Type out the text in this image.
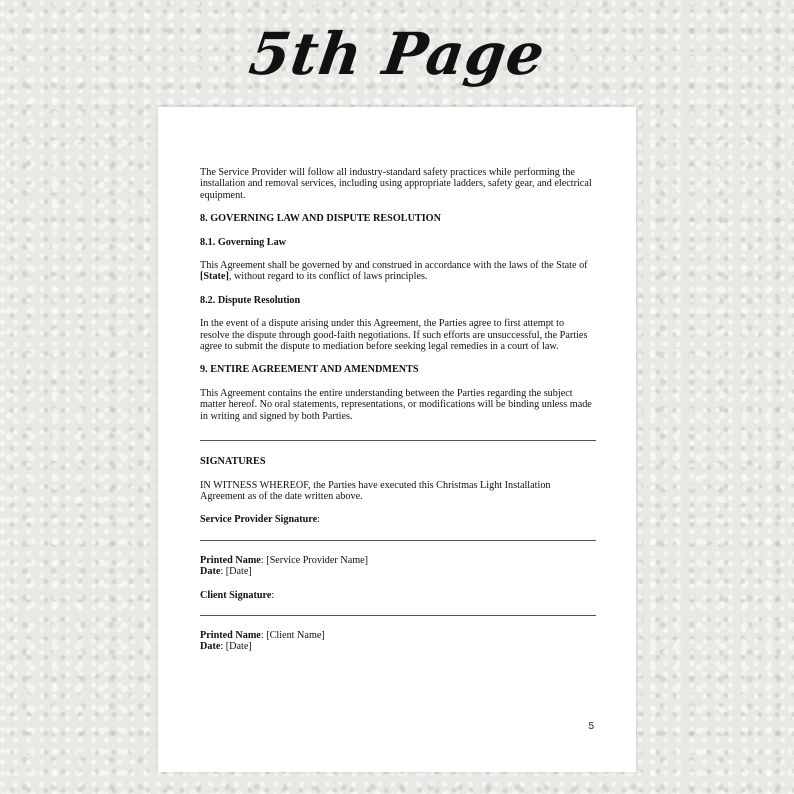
5th Page

The Service Provider will follow all industry-standard safety practices while performing the installation and removal services, including using appropriate ladders, safety gear, and electrical equipment.

8. GOVERNING LAW AND DISPUTE RESOLUTION

8.1. Governing Law

This Agreement shall be governed by and construed in accordance with the laws of the State of [State], without regard to its conflict of laws principles.

8.2. Dispute Resolution

In the event of a dispute arising under this Agreement, the Parties agree to first attempt to resolve the dispute through good-faith negotiations. If such efforts are unsuccessful, the Parties agree to submit the dispute to mediation before seeking legal remedies in a court of law.

9. ENTIRE AGREEMENT AND AMENDMENTS

This Agreement contains the entire understanding between the Parties regarding the subject matter hereof. No oral statements, representations, or modifications will be binding unless made in writing and signed by both Parties.

SIGNATURES

IN WITNESS WHEREOF, the Parties have executed this Christmas Light Installation Agreement as of the date written above.

Service Provider Signature:

Printed Name: [Service Provider Name]

Date: [Date]

Client Signature:

Printed Name: [Client Name]

Date: [Date]

5
